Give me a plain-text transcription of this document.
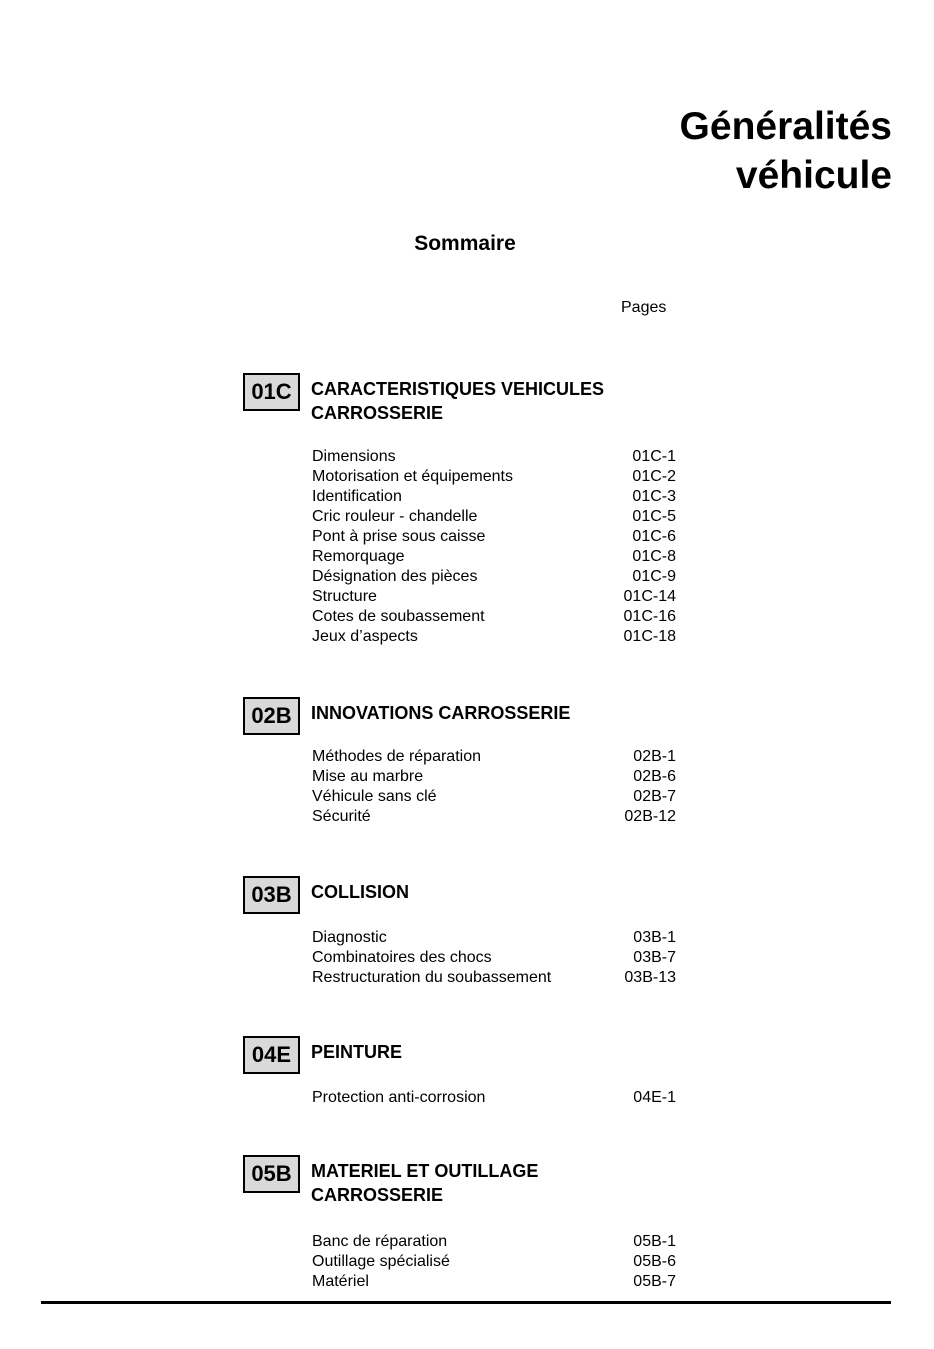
Généralités
véhicule
Sommaire
Pages
01C	CARACTERISTIQUES VEHICULES
CARROSSERIE
Dimensions	01C-1
Motorisation et équipements	01C-2
Identification	01C-3
Cric rouleur - chandelle	01C-5
Pont à prise sous caisse	01C-6
Remorquage	01C-8
Désignation des pièces	01C-9
Structure	01C-14
Cotes de soubassement	01C-16
Jeux d’aspects	01C-18
02B	INNOVATIONS CARROSSERIE
Méthodes de réparation	02B-1
Mise au marbre	02B-6
Véhicule sans clé	02B-7
Sécurité	02B-12
03B	COLLISION
Diagnostic	03B-1
Combinatoires des chocs	03B-7
Restructuration du soubassement	03B-13
04E	PEINTURE
Protection anti-corrosion	04E-1
05B	MATERIEL ET OUTILLAGE
CARROSSERIE
Banc de réparation	05B-1
Outillage spécialisé	05B-6
Matériel	05B-7
